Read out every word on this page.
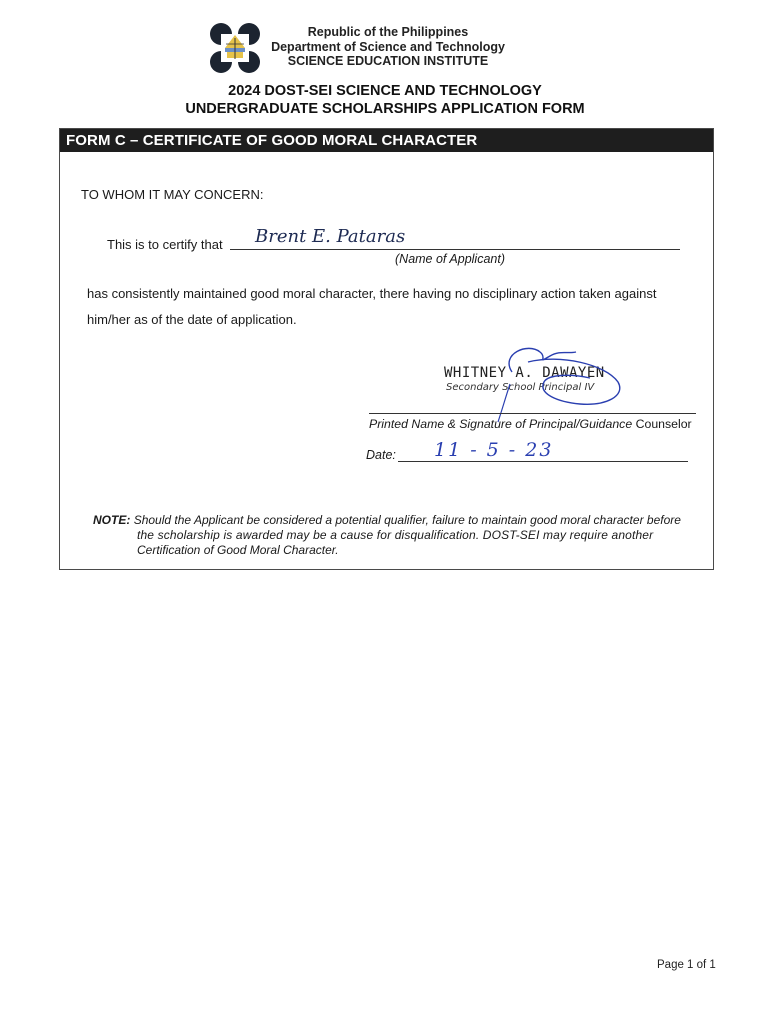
Republic of the Philippines
Department of Science and Technology
SCIENCE EDUCATION INSTITUTE
2024 DOST-SEI SCIENCE AND TECHNOLOGY
UNDERGRADUATE SCHOLARSHIPS APPLICATION FORM
FORM C – CERTIFICATE OF GOOD MORAL CHARACTER
TO WHOM IT MAY CONCERN:
This is to certify that Brent E. Pataras
(Name of Applicant)
has consistently maintained good moral character, there having no disciplinary action taken against
him/her as of the date of application.
WHITNEY A. DAWAYEN
Secondary School Principal IV
Printed Name & Signature of Principal/Guidance Counselor
Date: 11 - 5 - 23
NOTE: Should the Applicant be considered a potential qualifier, failure to maintain good moral character before
the scholarship is awarded may be a cause for disqualification. DOST-SEI may require another
Certification of Good Moral Character.
Page 1 of 1
